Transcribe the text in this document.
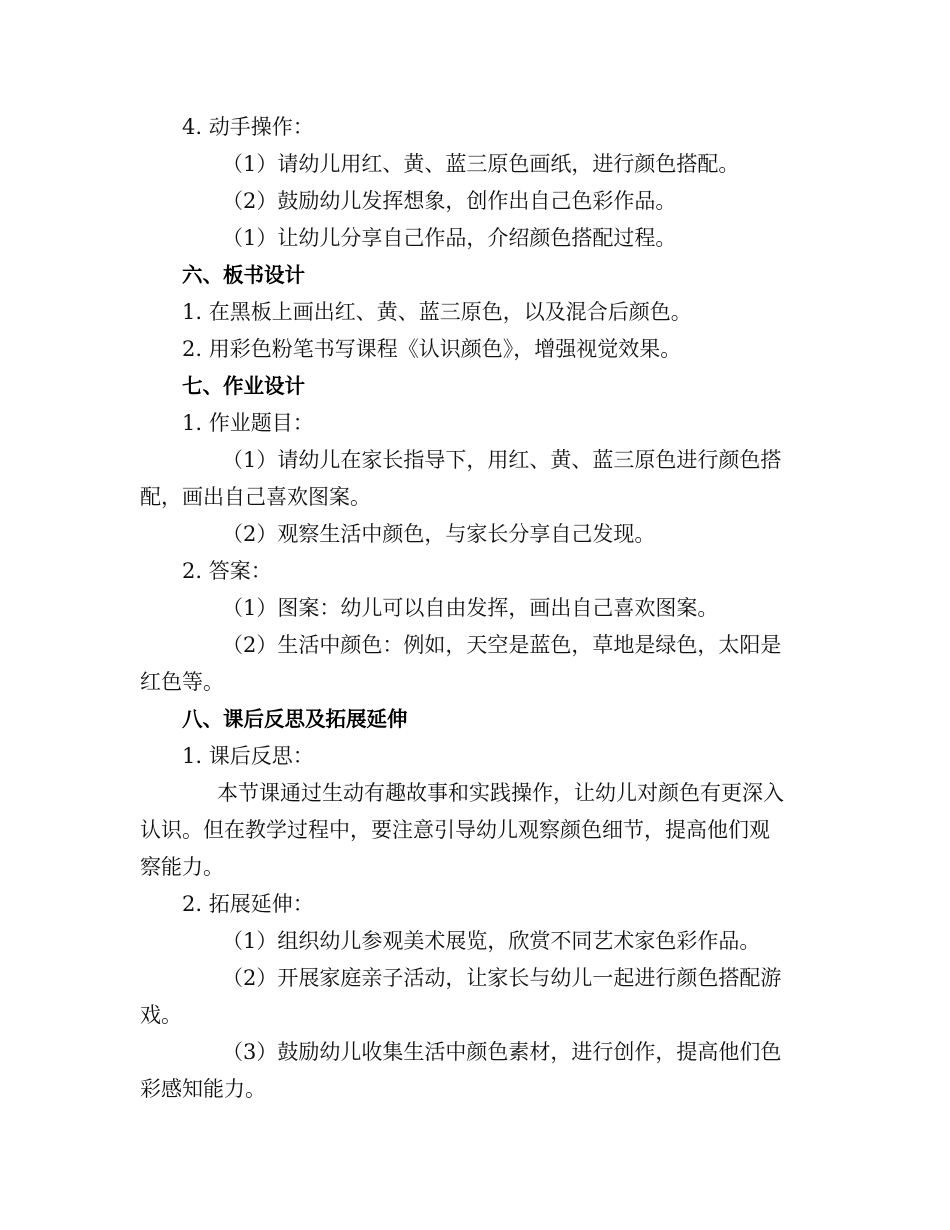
4. 动手操作：

（1）请幼儿用红、黄、蓝三原色画纸，进行颜色搭配。

（2）鼓励幼儿发挥想象，创作出自己色彩作品。

（1）让幼儿分享自己作品，介绍颜色搭配过程。

六、板书设计

1. 在黑板上画出红、黄、蓝三原色，以及混合后颜色。

2. 用彩色粉笔书写课程《认识颜色》，增强视觉效果。

七、作业设计

1. 作业题目：

（1）请幼儿在家长指导下，用红、黄、蓝三原色进行颜色搭

配，画出自己喜欢图案。

（2）观察生活中颜色，与家长分享自己发现。

2. 答案：

（1）图案：幼儿可以自由发挥，画出自己喜欢图案。

（2）生活中颜色：例如，天空是蓝色，草地是绿色，太阳是

红色等。

八、课后反思及拓展延伸

1. 课后反思：

本节课通过生动有趣故事和实践操作，让幼儿对颜色有更深入

认识。但在教学过程中，要注意引导幼儿观察颜色细节，提高他们观

察能力。

2. 拓展延伸：

（1）组织幼儿参观美术展览，欣赏不同艺术家色彩作品。

（2）开展家庭亲子活动，让家长与幼儿一起进行颜色搭配游

戏。

（3）鼓励幼儿收集生活中颜色素材，进行创作，提高他们色

彩感知能力。
